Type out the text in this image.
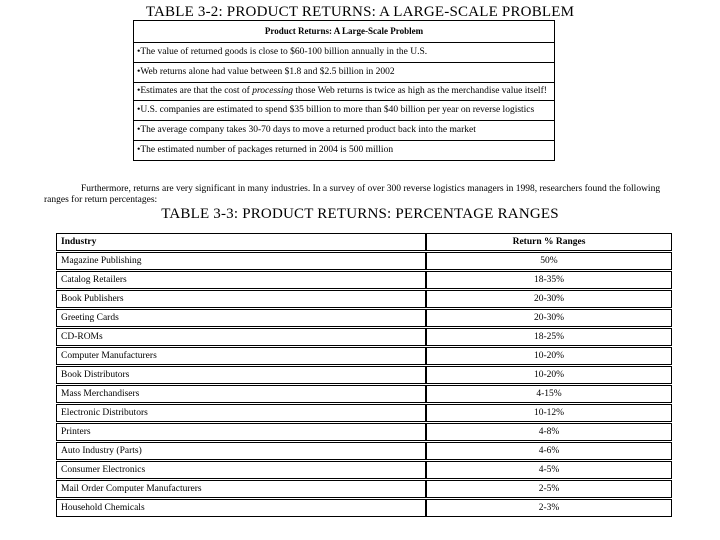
TABLE 3-2: PRODUCT RETURNS: A LARGE-SCALE PROBLEM
Product Returns: A Large-Scale Problem
•The value of returned goods is close to $60-100 billion annually in the U.S.
•Web returns alone had value between $1.8 and $2.5 billion in 2002
•Estimates are that the cost of processing those Web returns is twice as high as the merchandise value itself!
•U.S. companies are estimated to spend $35 billion to more than $40 billion per year on reverse logistics
•The average company takes 30-70 days to move a returned product back into the market
•The estimated number of packages returned in 2004 is 500 million
Furthermore, returns are very significant in many industries. In a survey of over 300 reverse logistics managers in 1998, researchers found the following ranges for return percentages:
TABLE 3-3: PRODUCT RETURNS: PERCENTAGE RANGES
Industry	Return % Ranges
Magazine Publishing	50%
Catalog Retailers	18-35%
Book Publishers	20-30%
Greeting Cards	20-30%
CD-ROMs	18-25%
Computer Manufacturers	10-20%
Book Distributors	10-20%
Mass Merchandisers	4-15%
Electronic Distributors	10-12%
Printers	4-8%
Auto Industry (Parts)	4-6%
Consumer Electronics	4-5%
Mail Order Computer Manufacturers	2-5%
Household Chemicals	2-3%
